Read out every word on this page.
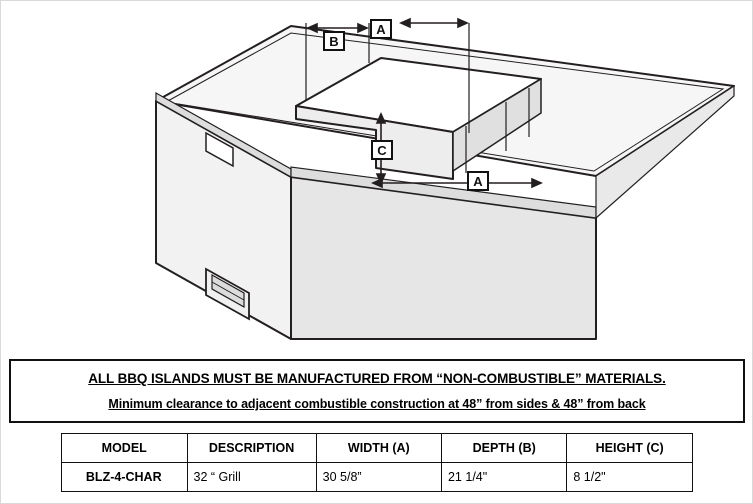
A
B
C
A
ALL BBQ ISLANDS MUST BE MANUFACTURED FROM “NON-COMBUSTIBLE” MATERIALS.
Minimum clearance to adjacent combustible construction at 48” from sides & 48” from back
MODEL	DESCRIPTION	WIDTH (A)	DEPTH (B)	HEIGHT (C)
BLZ-4-CHAR	32 “ Grill	30 5/8”	21 1/4"	8 1/2"
